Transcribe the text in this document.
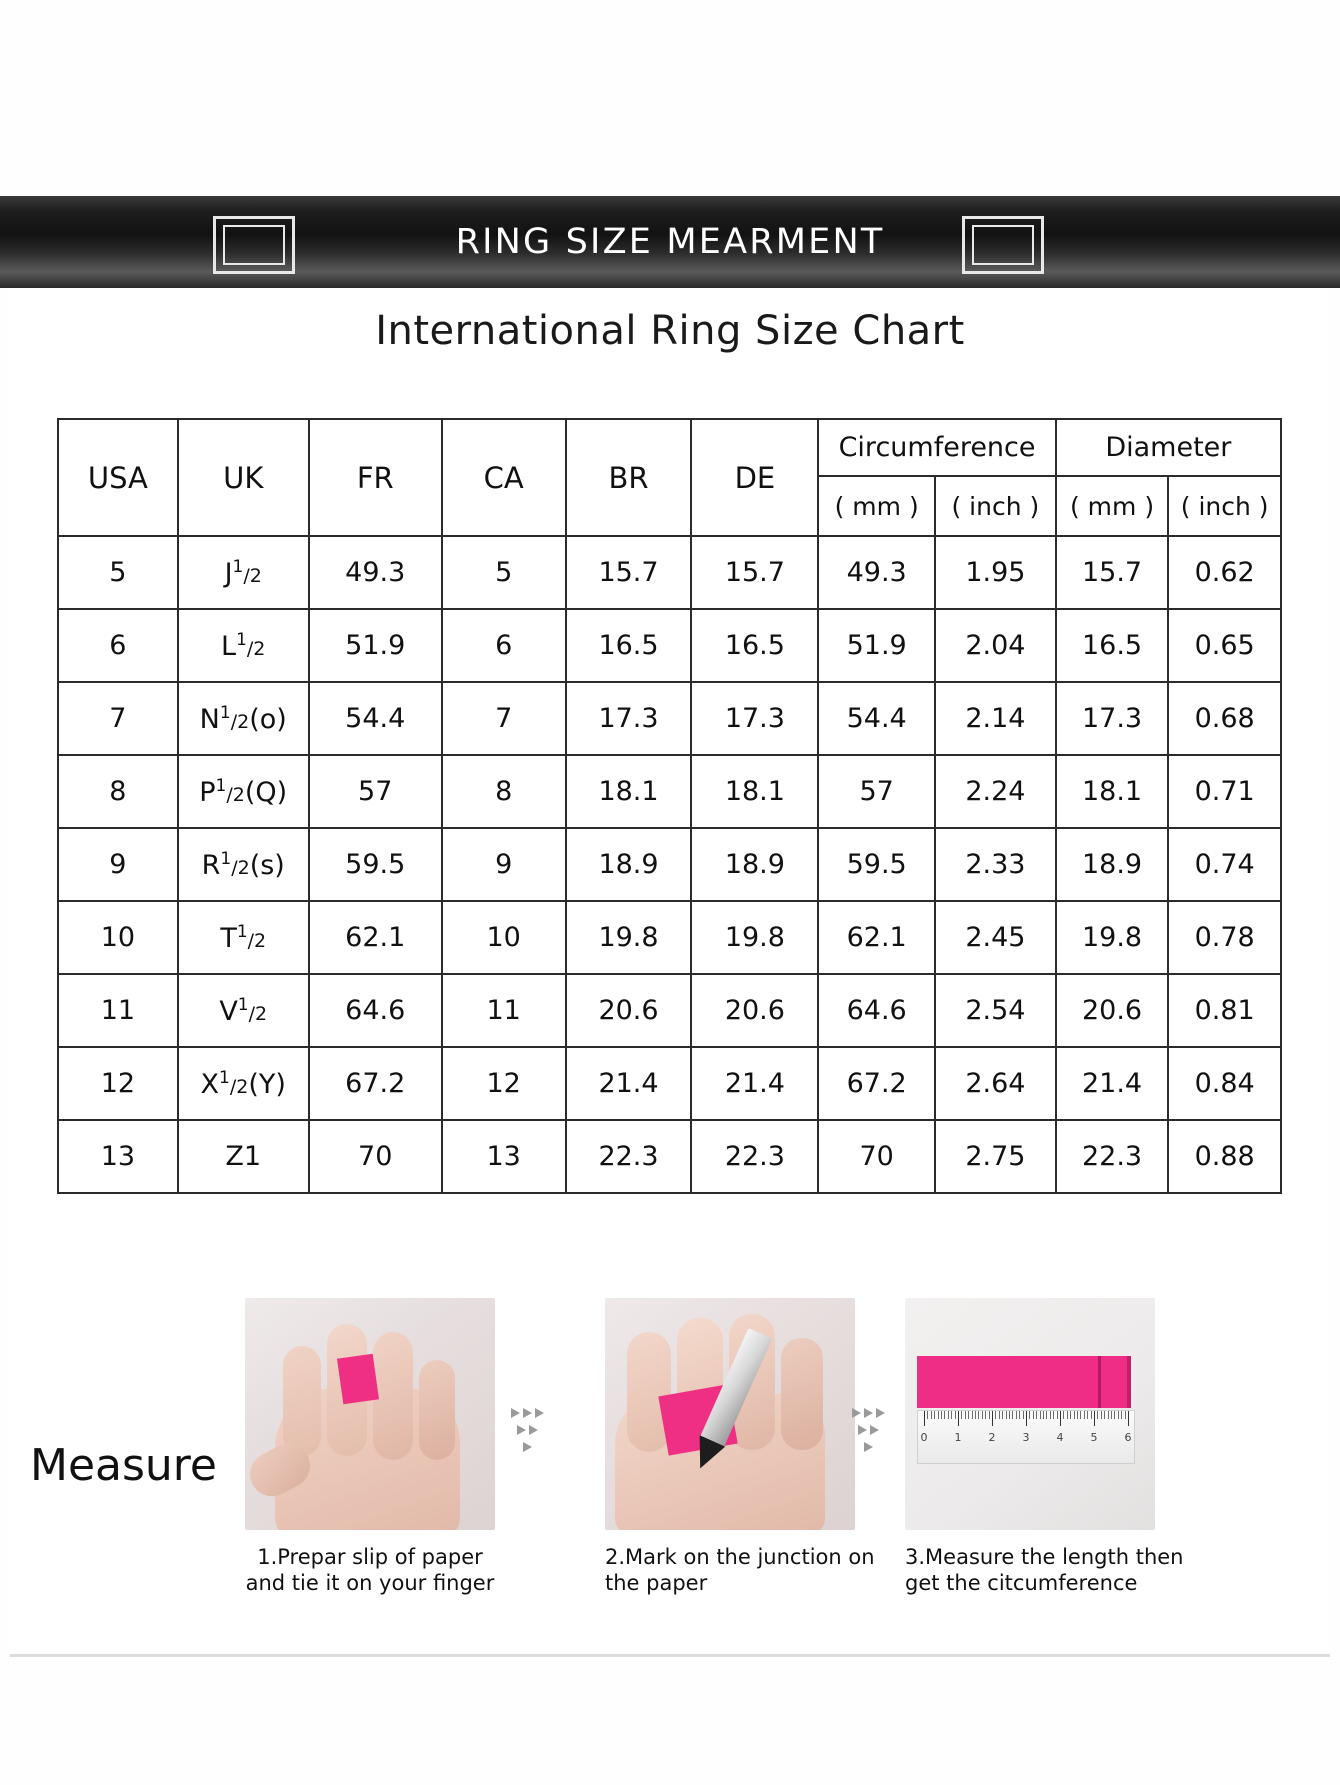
RING SIZE MEARMENT
International Ring Size Chart
USA	UK	FR	CA	BR	DE	Circumference		Diameter	
						( mm )	( inch )	( mm )	( inch )
5	$J^1/2$	49.3	5	15.7	15.7	49.3	1.95	15.7	0.62
6	$L^1/2$	51.9	6	16.5	16.5	51.9	2.04	16.5	0.65
7	$N^1/2(o)$	54.4	7	17.3	17.3	54.4	2.14	17.3	0.68
8	$P^1/2(Q)$	57	8	18.1	18.1	57	2.24	18.1	0.71
9	$R^1/2(s)$	59.5	9	18.9	18.9	59.5	2.33	18.9	0.74
10	$T^1/2$	62.1	10	19.8	19.8	62.1	2.45	19.8	0.78
11	$V^1/2$	64.6	11	20.6	20.6	64.6	2.54	20.6	0.81
12	$X^1/2(Y)$	67.2	12	21.4	21.4	67.2	2.64	21.4	0.84
13	Z1	70	13	22.3	22.3	70	2.75	22.3	0.88
Measure
1.Prepar slip of paper and tie it on your finger
2.Mark on the junction on the paper
0 1 2 3 4 5 6
3.Measure the length then get the citcumference
